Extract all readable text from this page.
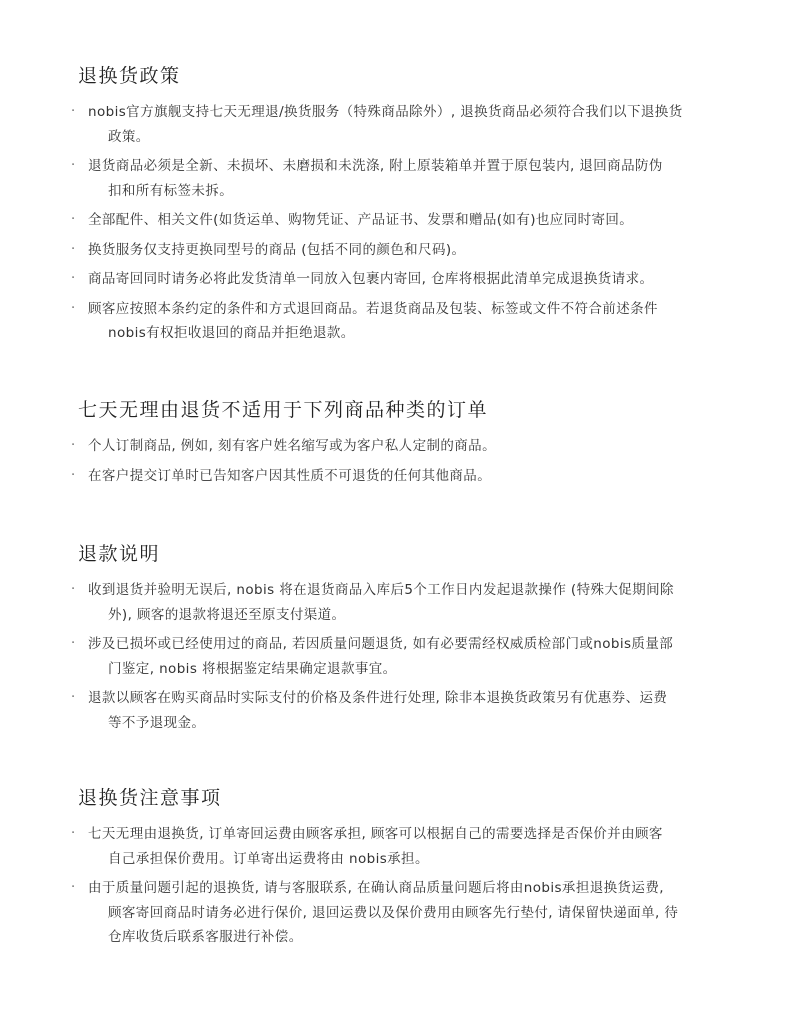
退换货政策
· nobis官方旗舰支持七天无理退/换货服务（特殊商品除外）, 退换货商品必须符合我们以下退换货
政策。
· 退货商品必须是全新、未损坏、未磨损和未洗涤, 附上原装箱单并置于原包装内, 退回商品防伪
扣和所有标签未拆。
· 全部配件、相关文件(如货运单、购物凭证、产品证书、发票和赠品(如有)也应同时寄回。
· 换货服务仅支持更换同型号的商品 (包括不同的颜色和尺码)。
· 商品寄回同时请务必将此发货清单一同放入包裹内寄回, 仓库将根据此清单完成退换货请求。
· 顾客应按照本条约定的条件和方式退回商品。若退货商品及包装、标签或文件不符合前述条件
nobis有权拒收退回的商品并拒绝退款。
七天无理由退货不适用于下列商品种类的订单
· 个人订制商品, 例如, 刻有客户姓名缩写或为客户私人定制的商品。
· 在客户提交订单时已告知客户因其性质不可退货的任何其他商品。
退款说明
· 收到退货并验明无误后, nobis 将在退货商品入库后5个工作日内发起退款操作 (特殊大促期间除
外), 顾客的退款将退还至原支付渠道。
· 涉及已损坏或已经使用过的商品, 若因质量问题退货, 如有必要需经权威质检部门或nobis质量部
门鉴定, nobis 将根据鉴定结果确定退款事宜。
· 退款以顾客在购买商品时实际支付的价格及条件进行处理, 除非本退换货政策另有优惠券、运费
等不予退现金。
退换货注意事项
· 七天无理由退换货, 订单寄回运费由顾客承担, 顾客可以根据自己的需要选择是否保价并由顾客
自己承担保价费用。订单寄出运费将由 nobis承担。
· 由于质量问题引起的退换货, 请与客服联系, 在确认商品质量问题后将由nobis承担退换货运费,
顾客寄回商品时请务必进行保价, 退回运费以及保价费用由顾客先行垫付, 请保留快递面单, 待
仓库收货后联系客服进行补偿。
